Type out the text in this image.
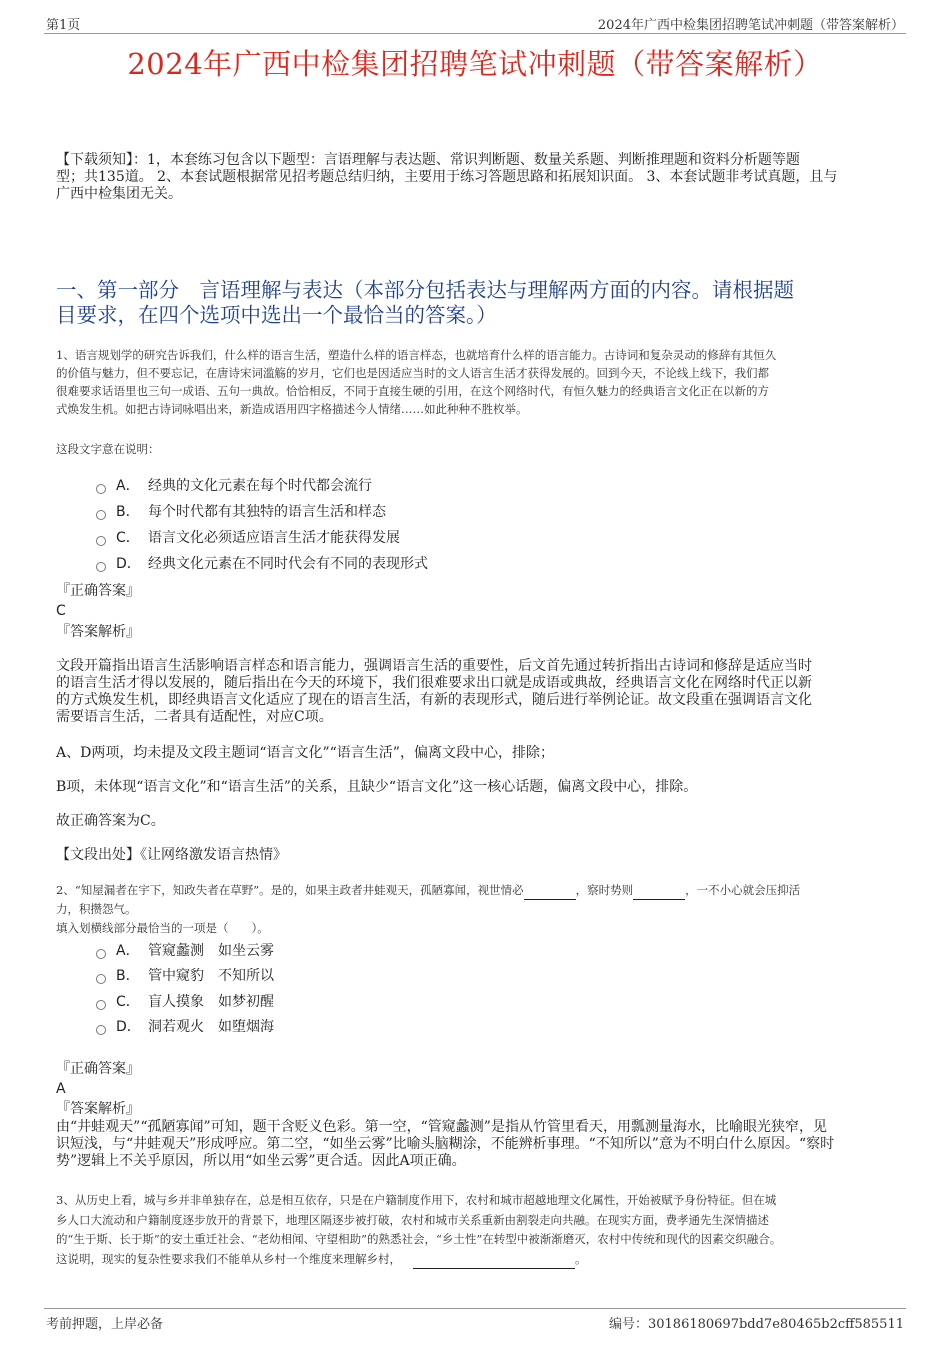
第1页	2024年广西中检集团招聘笔试冲刺题（带答案解析）
2024年广西中检集团招聘笔试冲刺题（带答案解析）
【下载须知】：1，本套练习包含以下题型：言语理解与表达题、常识判断题、数量关系题、判断推理题和资料分析题等题
型；共135道。 2、本套试题根据常见招考题总结归纳，主要用于练习答题思路和拓展知识面。 3、本套试题非考试真题，且与
广西中检集团无关。
一、第一部分　言语理解与表达（本部分包括表达与理解两方面的内容。请根据题
目要求，在四个选项中选出一个最恰当的答案。）
1、语言规划学的研究告诉我们，什么样的语言生活，塑造什么样的语言样态，也就培育什么样的语言能力。古诗词和复杂灵动的修辞有其恒久
的价值与魅力，但不要忘记，在唐诗宋词滥觞的岁月，它们也是因适应当时的文人语言生活才获得发展的。回到今天，不论线上线下，我们都
很难要求话语里也三句一成语、五句一典故。恰恰相反，不同于直接生硬的引用，在这个网络时代，有恒久魅力的经典语言文化正在以新的方
式焕发生机。如把古诗词咏唱出来，新造成语用四字格描述今人情绪……如此种种不胜枚举。
这段文字意在说明：
A． 经典的文化元素在每个时代都会流行
B． 每个时代都有其独特的语言生活和样态
C． 语言文化必须适应语言生活才能获得发展
D． 经典文化元素在不同时代会有不同的表现形式
『正确答案』
C
『答案解析』
文段开篇指出语言生活影响语言样态和语言能力，强调语言生活的重要性，后文首先通过转折指出古诗词和修辞是适应当时
的语言生活才得以发展的，随后指出在今天的环境下，我们很难要求出口就是成语或典故，经典语言文化在网络时代正以新
的方式焕发生机，即经典语言文化适应了现在的语言生活，有新的表现形式，随后进行举例论证。故文段重在强调语言文化
需要语言生活，二者具有适配性，对应C项。
A、D两项，均未提及文段主题词“语言文化”“语言生活”，偏离文段中心，排除；
B项，未体现“语言文化”和“语言生活”的关系，且缺少“语言文化”这一核心话题，偏离文段中心，排除。
故正确答案为C。
【文段出处】《让网络激发语言热情》
2、“知屋漏者在宇下，知政失者在草野”。是的，如果主政者井蛙观天，孤陋寡闻，视世情必	，察时势则	，一不小心就会压抑活
力，积攒怨气。
填入划横线部分最恰当的一项是（　　）。
A． 管窥蠡测　如坐云雾
B． 管中窥豹　不知所以
C． 盲人摸象　如梦初醒
D． 洞若观火　如堕烟海
『正确答案』
A
『答案解析』
由“井蛙观天”“孤陋寡闻”可知，题干含贬义色彩。第一空，“管窥蠡测”是指从竹管里看天，用瓢测量海水，比喻眼光狭窄，见
识短浅，与“井蛙观天”形成呼应。第二空，“如坐云雾”比喻头脑糊涂，不能辨析事理。“不知所以”意为不明白什么原因。“察时
势”逻辑上不关乎原因，所以用“如坐云雾”更合适。因此A项正确。
3、从历史上看，城与乡并非单独存在，总是相互依存，只是在户籍制度作用下，农村和城市超越地理文化属性，开始被赋予身份特征。但在城
乡人口大流动和户籍制度逐步放开的背景下，地理区隔逐步被打破，农村和城市关系重新由割裂走向共融。在现实方面，费孝通先生深情描述
的“生于斯、长于斯”的安土重迁社会、“老幼相闻、守望相助”的熟悉社会，“乡土性”在转型中被渐渐磨灭，农村中传统和现代的因素交织融合。
这说明，现实的复杂性要求我们不能单从乡村一个维度来理解乡村，	。
考前押题，上岸必备	编号：30186180697bdd7e80465b2cff585511
